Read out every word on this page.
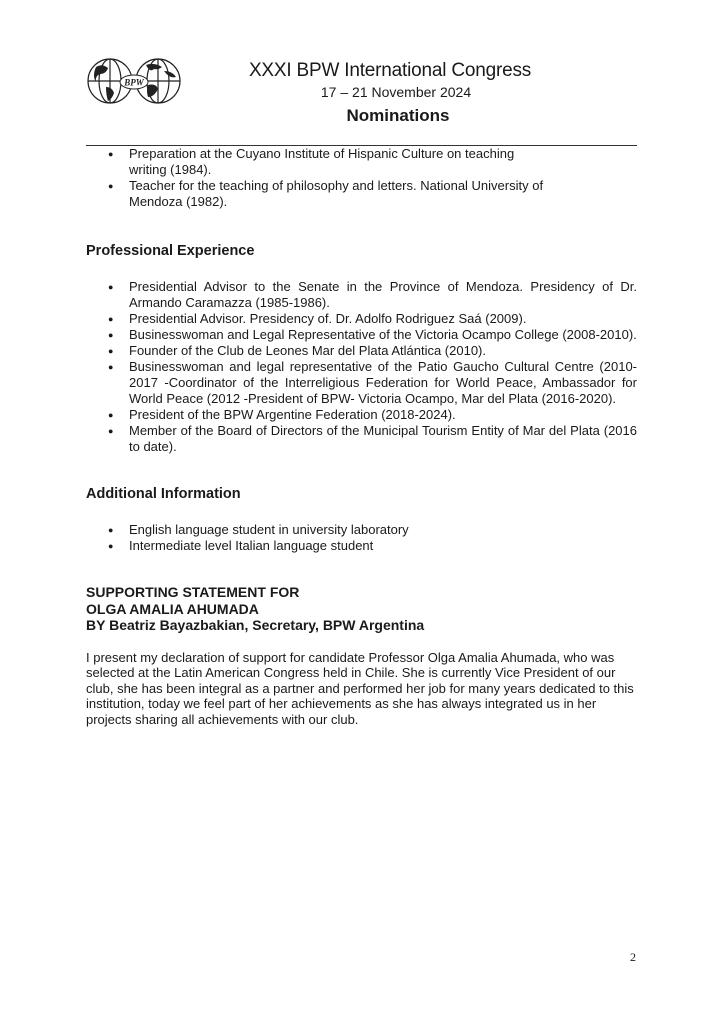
BPW
XXXI BPW International Congress
17 – 21 November 2024
Nominations
● Preparation at the Cuyano Institute of Hispanic Culture on teaching writing (1984).
● Teacher for the teaching of philosophy and letters. National University of Mendoza (1982).
Professional Experience
● Presidential Advisor to the Senate in the Province of Mendoza. Presidency of Dr. Armando Caramazza (1985-1986).
● Presidential Advisor. Presidency of. Dr. Adolfo Rodriguez Saá (2009).
● Businesswoman and Legal Representative of the Victoria Ocampo College (2008-2010).
● Founder of the Club de Leones Mar del Plata Atlántica (2010).
● Businesswoman and legal representative of the Patio Gaucho Cultural Centre (2010-2017 -Coordinator of the Interreligious Federation for World Peace, Ambassador for World Peace (2012 -President of BPW- Victoria Ocampo, Mar del Plata (2016-2020).
● President of the BPW Argentine Federation (2018-2024).
● Member of the Board of Directors of the Municipal Tourism Entity of Mar del Plata (2016 to date).
Additional Information
● English language student in university laboratory
● Intermediate level Italian language student
SUPPORTING STATEMENT FOR
OLGA AMALIA AHUMADA
BY Beatriz Bayazbakian, Secretary, BPW Argentina

I present my declaration of support for candidate Professor Olga Amalia Ahumada, who was selected at the Latin American Congress held in Chile. She is currently Vice President of our club, she has been integral as a partner and performed her job for many years dedicated to this institution, today we feel part of her achievements as she has always integrated us in her projects sharing all achievements with our club.

2
